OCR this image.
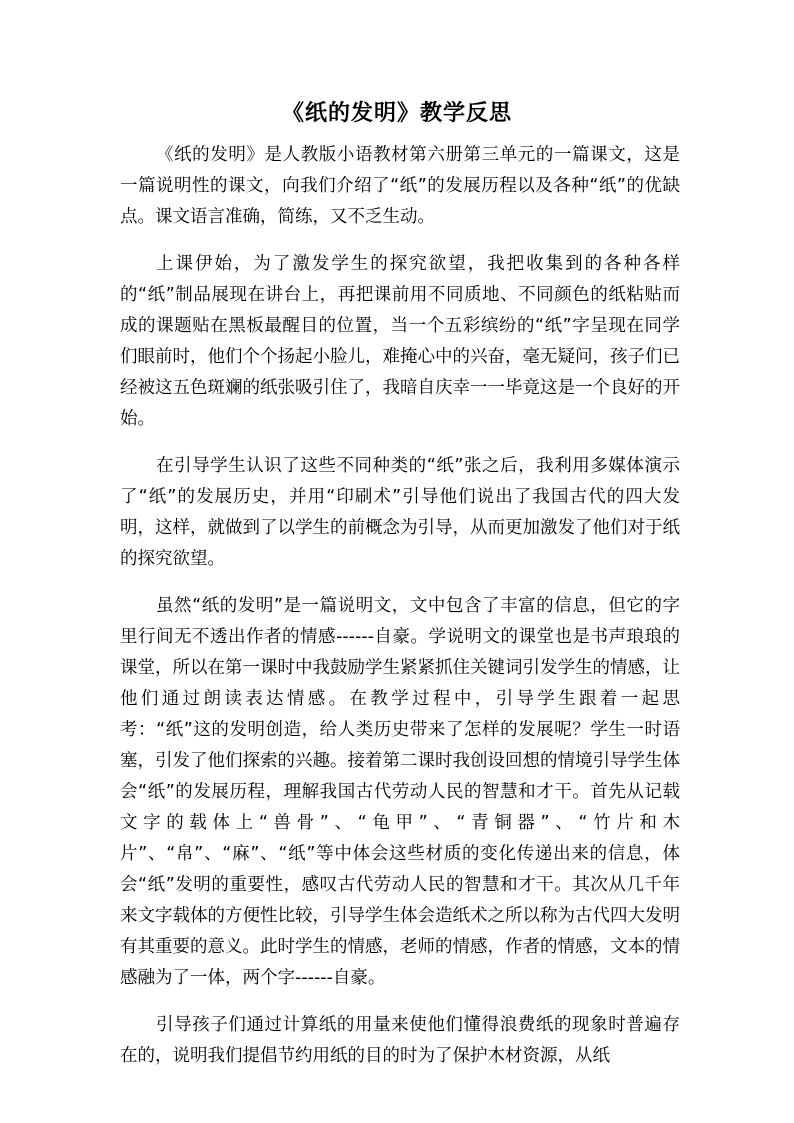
《纸的发明》教学反思

《纸的发明》是人教版小语教材第六册第三单元的一篇课文，这是一篇说明性的课文，向我们介绍了“纸”的发展历程以及各种“纸”的优缺点。课文语言准确，简练，又不乏生动。

上课伊始，为了激发学生的探究欲望，我把收集到的各种各样的“纸”制品展现在讲台上，再把课前用不同质地、不同颜色的纸粘贴而成的课题贴在黑板最醒目的位置，当一个五彩缤纷的“纸”字呈现在同学们眼前时，他们个个扬起小脸儿，难掩心中的兴奋，毫无疑问，孩子们已经被这五色斑斓的纸张吸引住了，我暗自庆幸一一毕竟这是一个良好的开始。

在引导学生认识了这些不同种类的“纸”张之后，我利用多媒体演示了“纸”的发展历史，并用“印刷术”引导他们说出了我国古代的四大发明，这样，就做到了以学生的前概念为引导，从而更加激发了他们对于纸的探究欲望。

虽然“纸的发明”是一篇说明文，文中包含了丰富的信息，但它的字里行间无不透出作者的情感------自豪。学说明文的课堂也是书声琅琅的课堂，所以在第一课时中我鼓励学生紧紧抓住关键词引发学生的情感，让他们通过朗读表达情感。在教学过程中，引导学生跟着一起思考：“纸”这的发明创造，给人类历史带来了怎样的发展呢？学生一时语塞，引发了他们探索的兴趣。接着第二课时我创设回想的情境引导学生体会“纸”的发展历程，理解我国古代劳动人民的智慧和才干。首先从记载文字的载体上“兽骨”、“龟甲”、“青铜器”、“竹片和木片”、“帛”、“麻”、“纸”等中体会这些材质的变化传递出来的信息，体会“纸”发明的重要性，感叹古代劳动人民的智慧和才干。其次从几千年来文字载体的方便性比较，引导学生体会造纸术之所以称为古代四大发明有其重要的意义。此时学生的情感，老师的情感，作者的情感，文本的情感融为了一体，两个字------自豪。

引导孩子们通过计算纸的用量来使他们懂得浪费纸的现象时普遍存在的，说明我们提倡节约用纸的目的时为了保护木材资源，从纸
